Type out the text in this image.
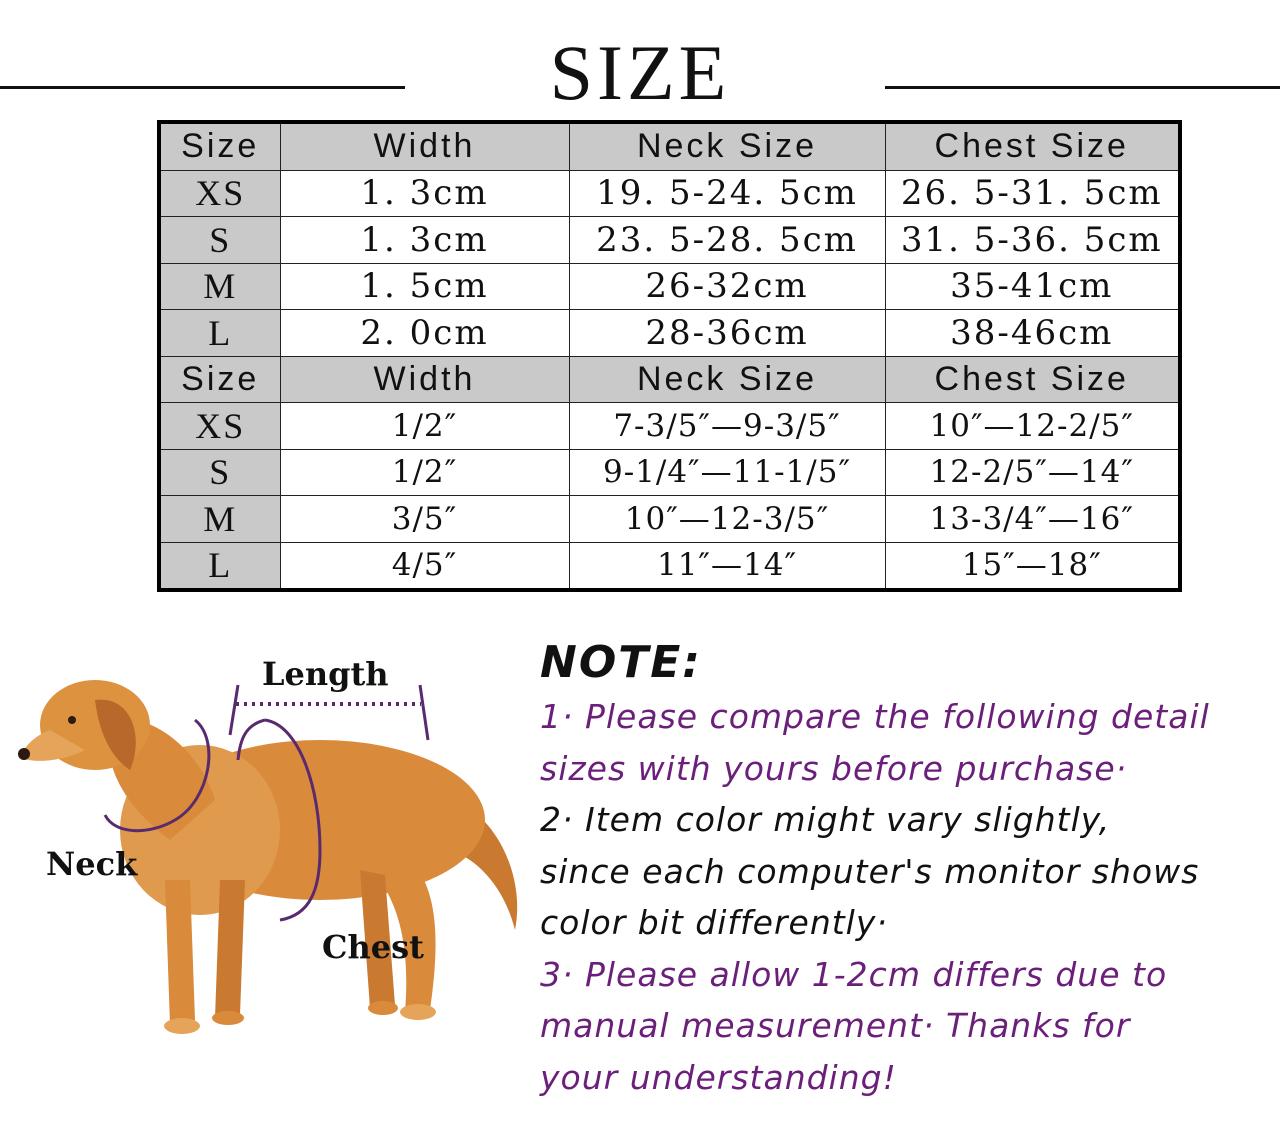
SIZE
Size	Width	Neck Size	Chest Size
XS	1. 3cm	19. 5-24. 5cm	26. 5-31. 5cm
S	1. 3cm	23. 5-28. 5cm	31. 5-36. 5cm
M	1. 5cm	26-32cm	35-41cm
L	2. 0cm	28-36cm	38-46cm
Size	Width	Neck Size	Chest Size
XS	1/2″	7-3/5″—9-3/5″	10″—12-2/5″
S	1/2″	9-1/4″—11-1/5″	12-2/5″—14″
M	3/5″	10″—12-3/5″	13-3/4″—16″
L	4/5″	11″—14″	15″—18″
Length
Neck
Chest
NOTE:
1· Please compare the following detail
sizes with yours before purchase·
2· Item color might vary slightly,
since each computer's monitor shows
color bit differently·
3· Please allow 1-2cm differs due to
manual measurement· Thanks for
your understanding!
